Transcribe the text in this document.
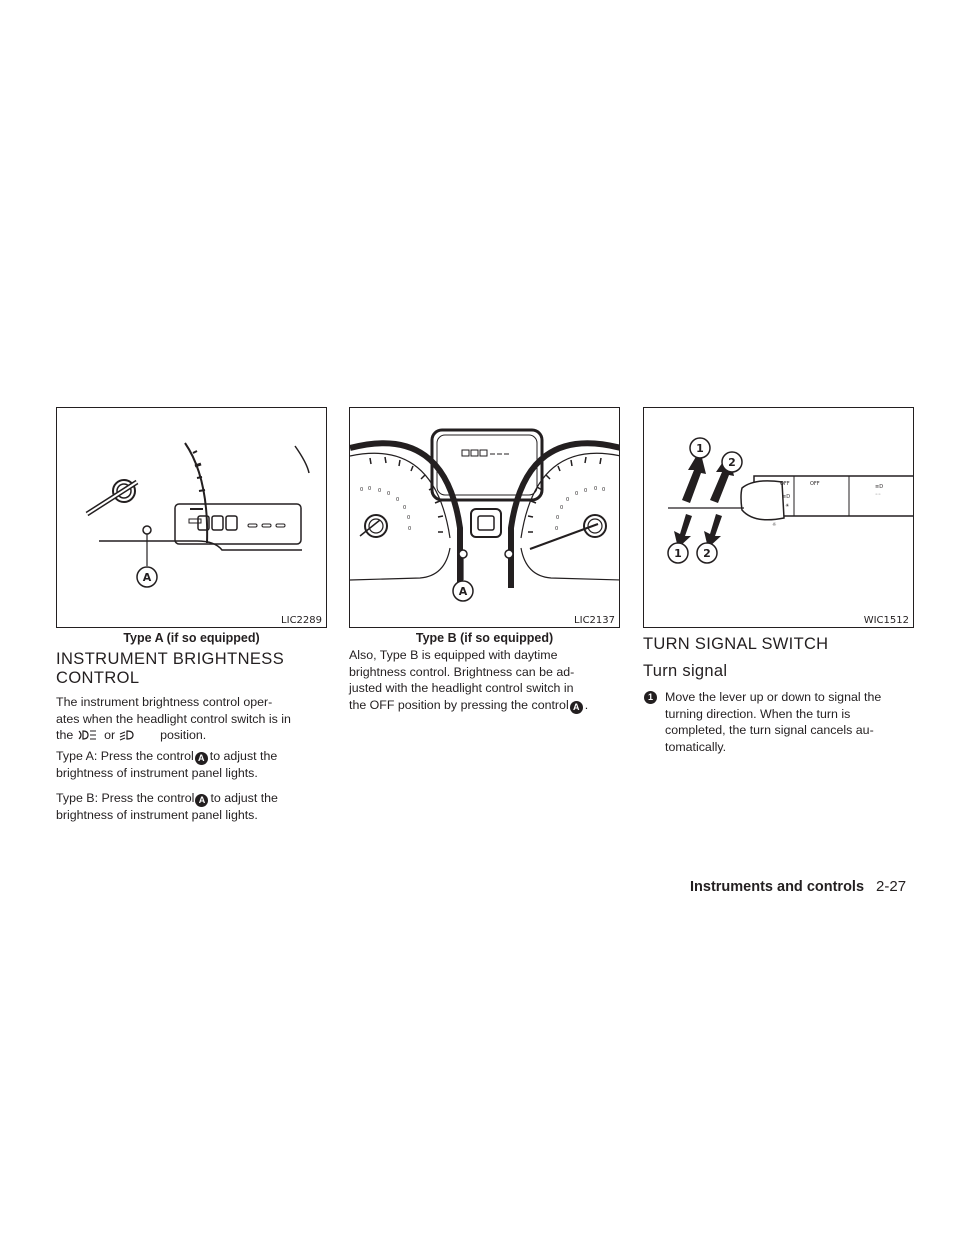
A
LIC2289
Type A (if so equipped)
0 0 0 0
0
0
0
0
0
0
0
0
0
0
0
0
A
LIC2137
Type B (if so equipped)
OFF	OFF	≡D
◦◦
≡D
☀
☼
1
2
1 2
WIC1512
INSTRUMENT BRIGHTNESS
CONTROL
The instrument brightness control oper-
ates when the headlight control switch is in
the or	position.
Type A: Press the control A to adjust the
brightness of instrument panel lights.
Type B: Press the control A to adjust the
brightness of instrument panel lights.
Also, Type B is equipped with daytime
brightness control. Brightness can be ad-
justed with the headlight control switch in
the OFF position by pressing the control A .
TURN SIGNAL SWITCH
Turn signal
1 Move the lever up or down to signal the
turning direction. When the turn is
completed, the turn signal cancels au-
tomatically.
Instruments and controls 2-27
